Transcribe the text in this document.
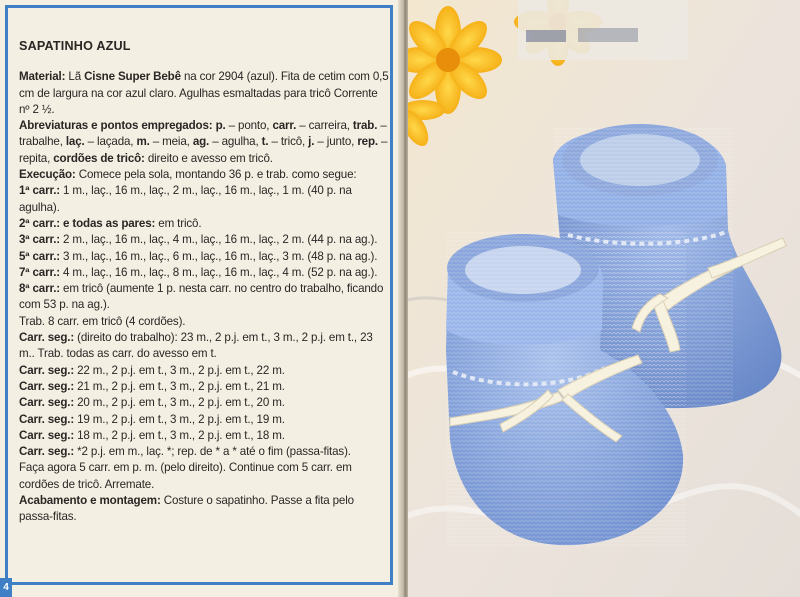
SAPATINHO AZUL

Material: Lã Cisne Super Bebê na cor 2904 (azul). Fita de cetim com 0,5 cm de largura na cor azul claro. Agulhas esmaltadas para tricô Corrente nº 2 ½.

Abreviaturas e pontos empregados: p. – ponto, carr. – carreira, trab. – trabalhe, laç. – laçada, m. – meia, ag. – agulha, t. – tricô, j. – junto, rep. – repita, cordões de tricô: direito e avesso em tricô.

Execução: Comece pela sola, montando 36 p. e trab. como segue:

1ª carr.: 1 m., laç., 16 m., laç., 2 m., laç., 16 m., laç., 1 m. (40 p. na agulha).

2ª carr.: e todas as pares: em tricô.

3ª carr.: 2 m., laç., 16 m., laç., 4 m., laç., 16 m., laç., 2 m. (44 p. na ag.).

5ª carr.: 3 m., laç., 16 m., laç., 6 m., laç., 16 m., laç., 3 m. (48 p. na ag.).

7ª carr.: 4 m., laç., 16 m., laç., 8 m., laç., 16 m., laç., 4 m. (52 p. na ag.).

8ª carr.: em tricô (aumente 1 p. nesta carr. no centro do trabalho, ficando com 53 p. na ag.).

Trab. 8 carr. em tricô (4 cordões).

Carr. seg.: (direito do trabalho): 23 m., 2 p.j. em t., 3 m., 2 p.j. em t., 23 m.. Trab. todas as carr. do avesso em t.

Carr. seg.: 22 m., 2 p.j. em t., 3 m., 2 p.j. em t., 22 m.

Carr. seg.: 21 m., 2 p.j. em t., 3 m., 2 p.j. em t., 21 m.

Carr. seg.: 20 m., 2 p.j. em t., 3 m., 2 p.j. em t., 20 m.

Carr. seg.: 19 m., 2 p.j. em t., 3 m., 2 p.j. em t., 19 m.

Carr. seg.: 18 m., 2 p.j. em t., 3 m., 2 p.j. em t., 18 m.

Carr. seg.: *2 p.j. em m., laç. *; rep. de * a * até o fim (passa-fitas).

Faça agora 5 carr. em p. m. (pelo direito). Continue com 5 carr. em cordões de tricô. Arremate.

Acabamento e montagem: Costure o sapatinho. Passe a fita pelo passa-fitas.

4
